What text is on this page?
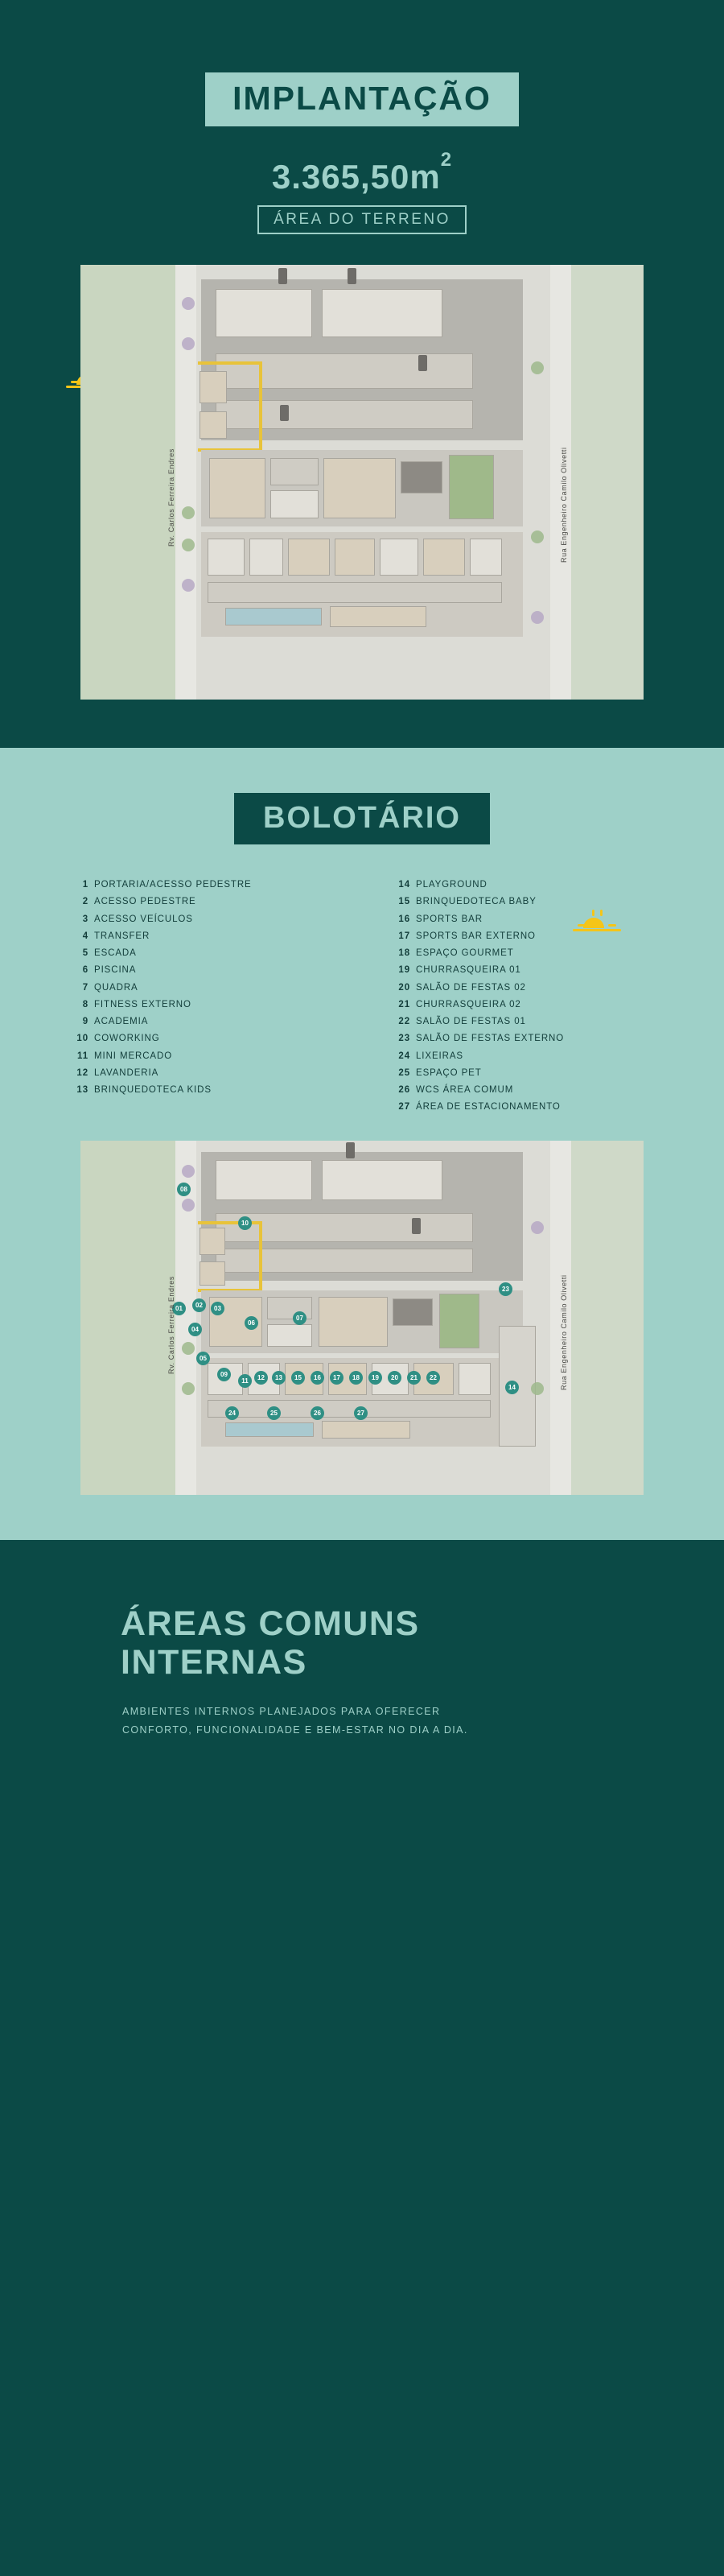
IMPLANTAÇÃO
$3.365,50m^2$
ÁREA DO TERRENO
Rv. Carlos Ferreira Endres	Rua Engenheiro Camilo Olivetti
BOLOTÁRIO
1 PORTARIA/ACESSO PEDESTRE
2 ACESSO PEDESTRE
3 ACESSO VEÍCULOS
4 TRANSFER
5 ESCADA
6 PISCINA
7 QUADRA
8 FITNESS EXTERNO
9 ACADEMIA
10 COWORKING
11 MINI MERCADO
12 LAVANDERIA
13 BRINQUEDOTECA KIDS
14 PLAYGROUND
15 BRINQUEDOTECA BABY
16 SPORTS BAR
17 SPORTS BAR EXTERNO
18 ESPAÇO GOURMET
19 CHURRASQUEIRA 01
20 SALÃO DE FESTAS 02
21 CHURRASQUEIRA 02
22 SALÃO DE FESTAS 01
23 SALÃO DE FESTAS EXTERNO
24 LIXEIRAS
25 ESPAÇO PET
26 WCS ÁREA COMUM
27 ÁREA DE ESTACIONAMENTO
01	02	03
04
05
06
07
08
09
10
11	12	13
14
15	16	17	18	19	20	21	22
23
24	25	26	27
Rv. Carlos Ferreira Endres	Rua Engenheiro Camilo Olivetti
ÁREAS COMUNS
INTERNAS

AMBIENTES INTERNOS PLANEJADOS PARA OFERECER CONFORTO, FUNCIONALIDADE E BEM-ESTAR NO DIA A DIA.
